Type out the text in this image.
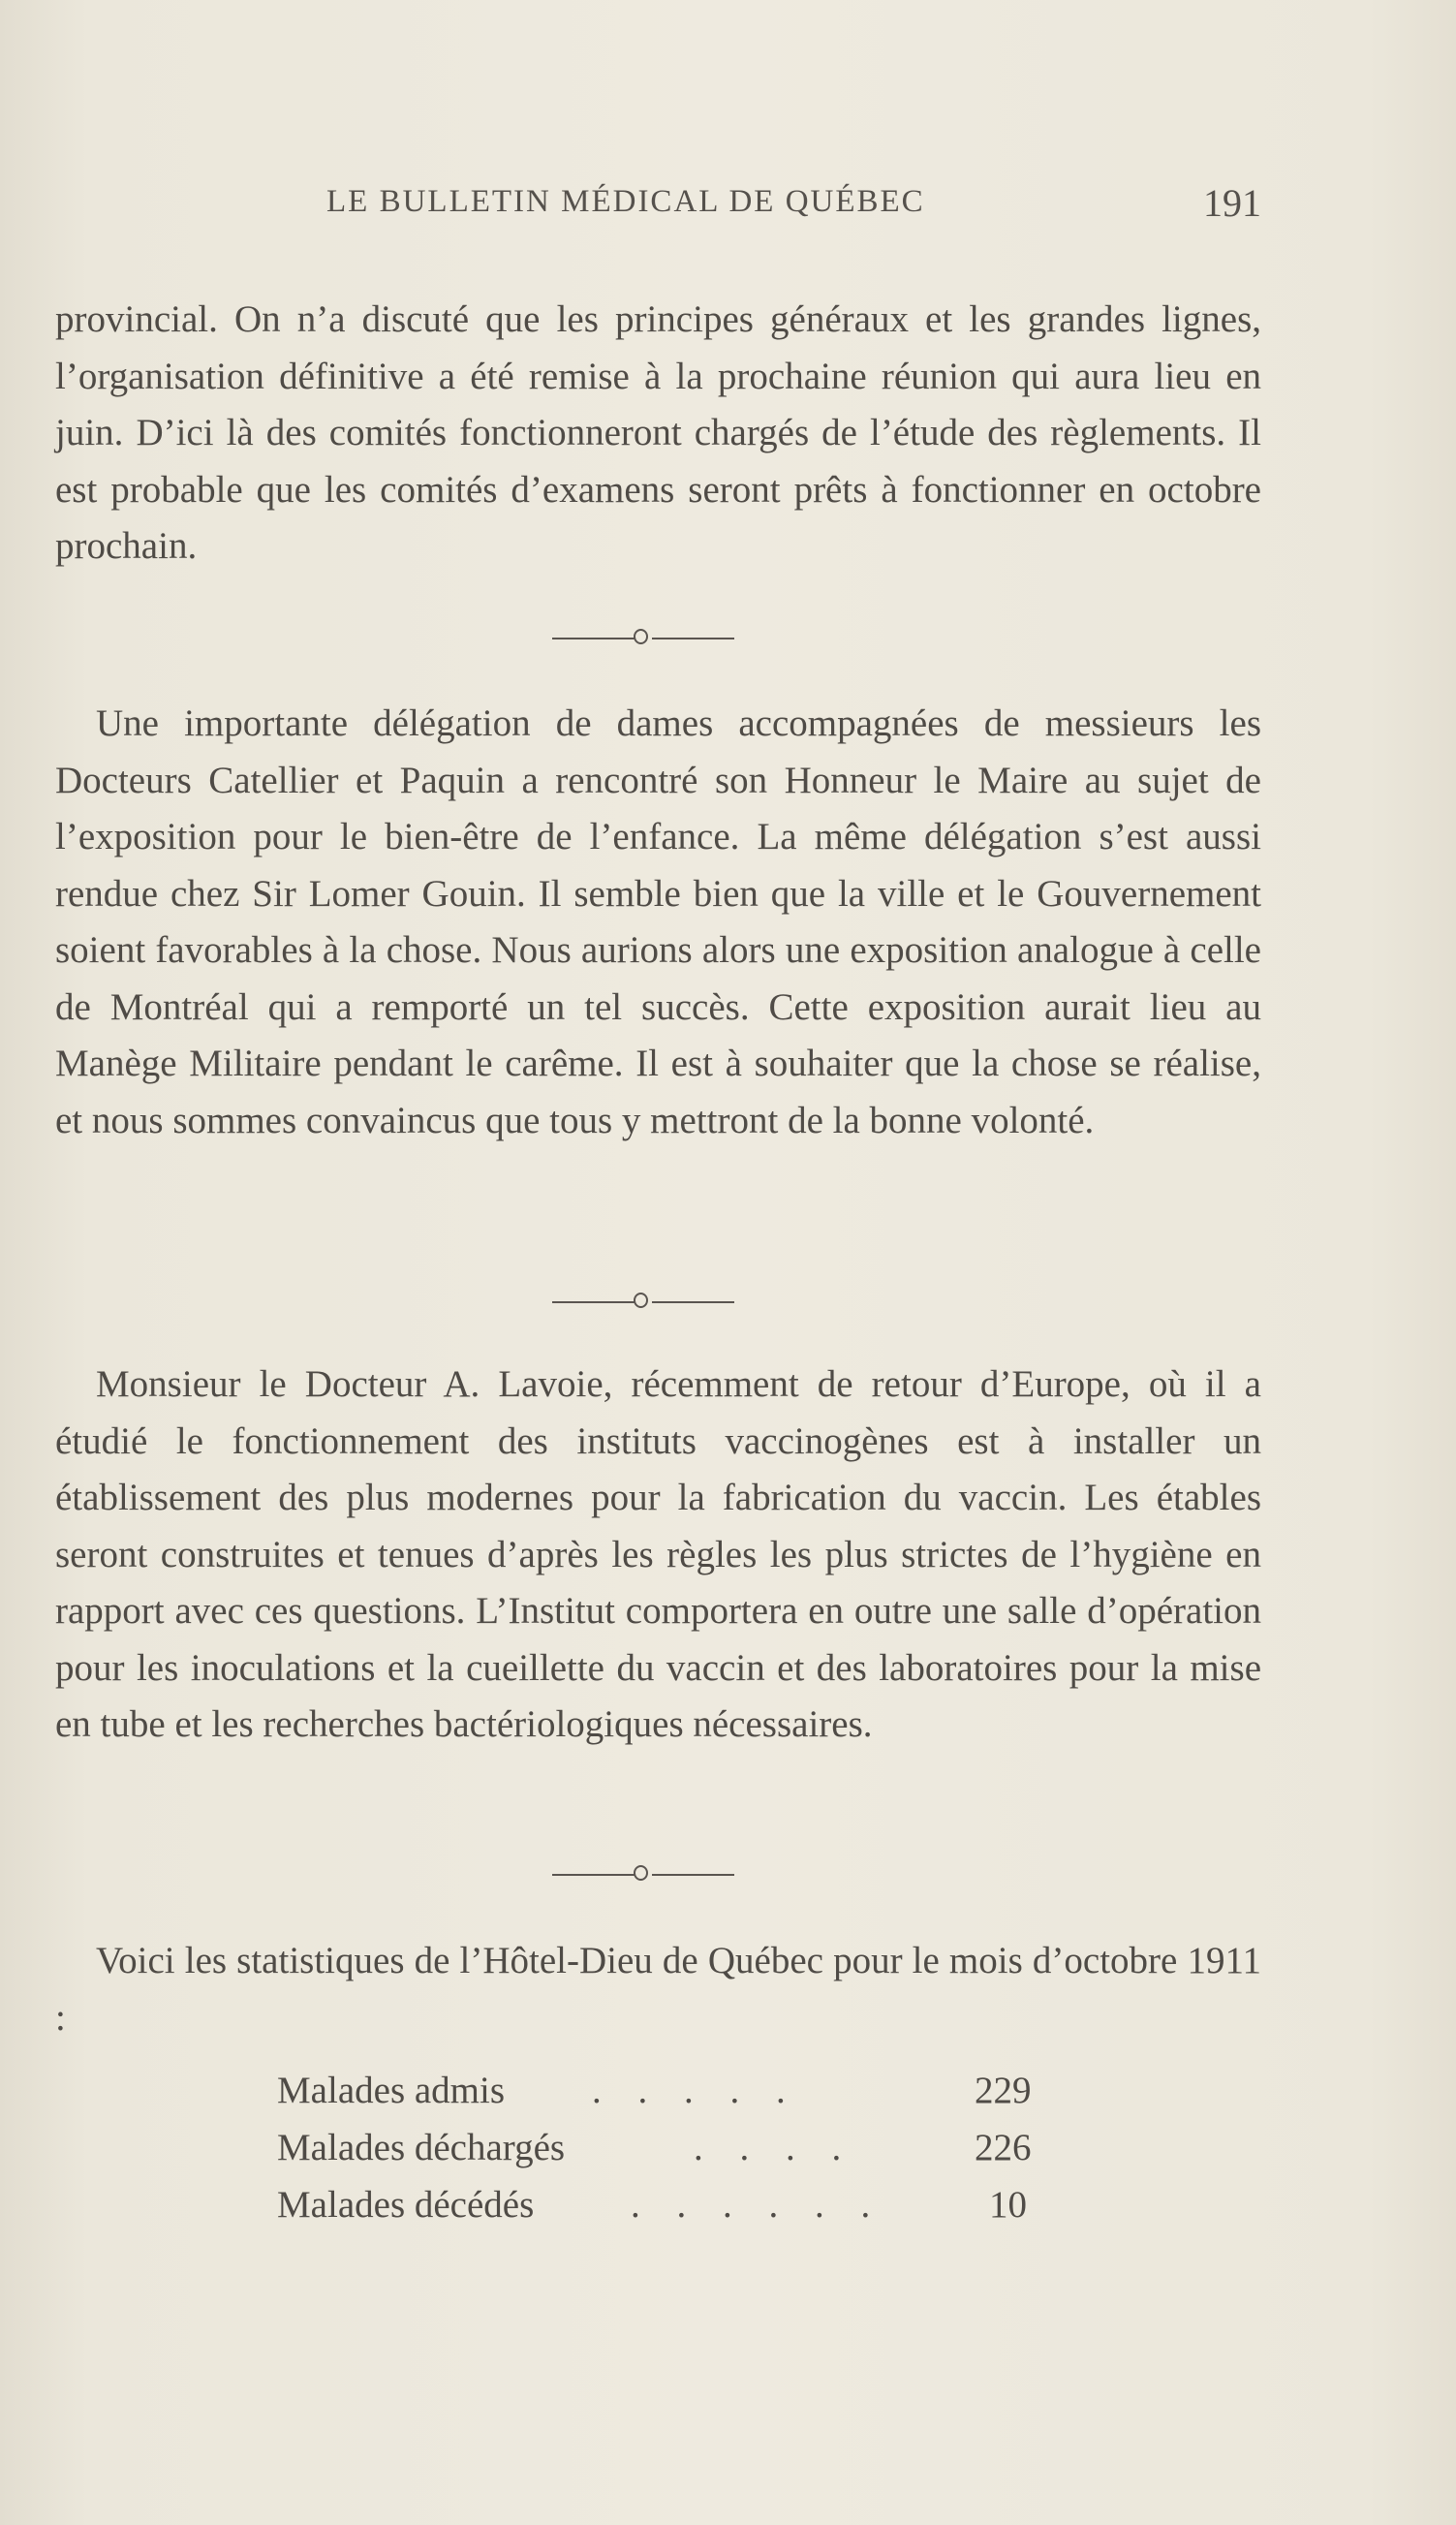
LE BULLETIN MÉDICAL DE QUÉBEC	191

provincial. On n’a discuté que les principes généraux et les grandes lignes, l’organisation définitive a été remise à la prochaine réunion qui aura lieu en juin. D’ici là des comités fonctionneront chargés de l’étude des règlements. Il est probable que les comités d’examens seront prêts à fonctionner en octobre prochain.

Une importante délégation de dames accompagnées de messieurs les Docteurs Catellier et Paquin a rencontré son Honneur le Maire au sujet de l’exposition pour le bien-être de l’enfance. La même délégation s’est aussi rendue chez Sir Lomer Gouin. Il semble bien que la ville et le Gouvernement soient favorables à la chose. Nous aurions alors une exposition analogue à celle de Montréal qui a remporté un tel succès. Cette exposition aurait lieu au Manège Militaire pendant le carême. Il est à souhaiter que la chose se réalise, et nous sommes convaincus que tous y mettront de la bonne volonté.

Monsieur le Docteur A. Lavoie, récemment de retour d’Europe, où il a étudié le fonctionnement des instituts vaccinogènes est à installer un établissement des plus modernes pour la fabrication du vaccin. Les étables seront construites et tenues d’après les règles les plus strictes de l’hygiène en rapport avec ces questions. L’Institut comportera en outre une salle d’opération pour les inoculations et la cueillette du vaccin et des laboratoires pour la mise en tube et les recherches bactériologiques nécessaires.

Voici les statistiques de l’Hôtel-Dieu de Québec pour le mois d’octobre 1911 :

Malades admis . . . . .	229
Malades déchargés	. . . .	226
Malades décédés	. . . . . .	10
